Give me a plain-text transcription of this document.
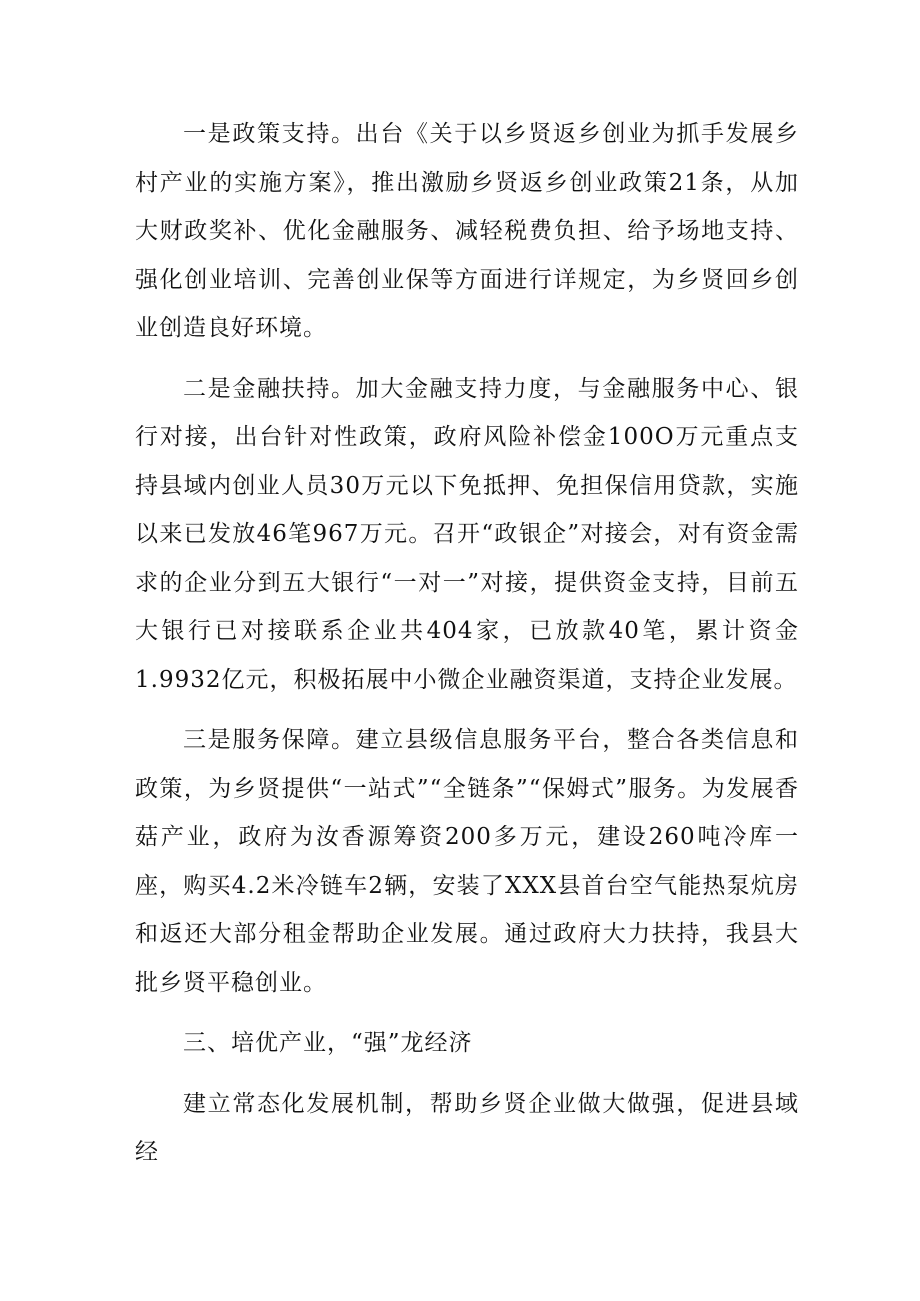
一是政策支持。出台《关于以乡贤返乡创业为抓手发展乡村产业的实施方案》，推出激励乡贤返乡创业政策21条，从加大财政奖补、优化金融服务、减轻税费负担、给予场地支持、强化创业培训、完善创业保等方面进行详规定，为乡贤回乡创业创造良好环境。

二是金融扶持。加大金融支持力度，与金融服务中心、银行对接，出台针对性政策，政府风险补偿金100O万元重点支持县域内创业人员30万元以下免抵押、免担保信用贷款，实施以来已发放46笔967万元。召开“政银企”对接会，对有资金需求的企业分到五大银行“一对一”对接，提供资金支持，目前五大银行已对接联系企业共404家，已放款40笔，累计资金1.9932亿元，积极拓展中小微企业融资渠道，支持企业发展。

三是服务保障。建立县级信息服务平台，整合各类信息和政策，为乡贤提供“一站式”“全链条”“保姆式”服务。为发展香菇产业，政府为汝香源筹资200多万元，建设260吨冷库一座，购买4.2米冷链车2辆，安装了XXX县首台空气能热泵炕房和返还大部分租金帮助企业发展。通过政府大力扶持，我县大批乡贤平稳创业。

三、培优产业，“强”龙经济

建立常态化发展机制，帮助乡贤企业做大做强，促进县域经
